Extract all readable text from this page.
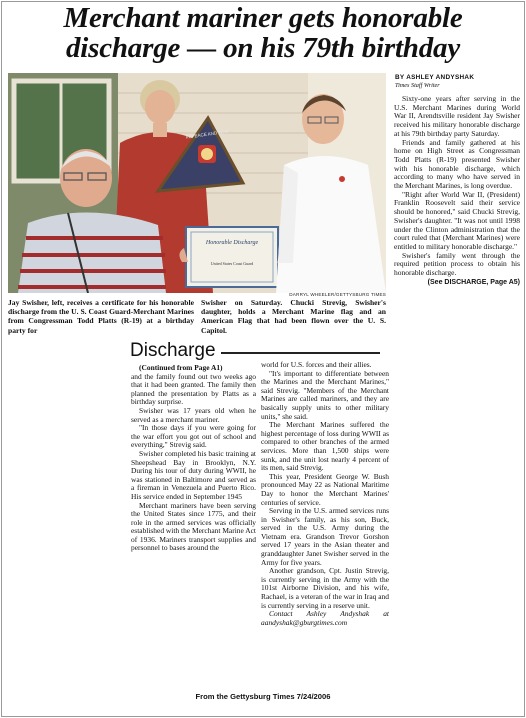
Merchant mariner gets honorable discharge — on his 79th birthday
IN PEACE AND WAR
Honorable Discharge
United States Coast Guard
DARRYL WHEELER/GETTYSBURG TIMES

Jay Swisher, left, receives a certificate for his honorable discharge from the U. S. Coast Guard-Merchant Marines from Congressman Todd Platts (R-19) at a birthday party for

Swisher on Saturday. Chucki Strevig, Swisher's daughter, holds a Merchant Marine flag and an American Flag that had been flown over the U. S. Capitol.

BY ASHLEY ANDYSHAK
Times Staff Writer

Sixty-one years after serving in the U.S. Merchant Marines during World War II, Arendtsville resident Jay Swisher received his military honorable discharge at his 79th birthday party Saturday.

Friends and family gathered at his home on High Street as Congressman Todd Platts (R-19) presented Swisher with his honorable discharge, which according to many who have served in the Merchant Marines, is long overdue.

"Right after World War II, (President) Franklin Roosevelt said their service should be honored," said Chucki Strevig, Swisher's daughter. "It was not until 1998 under the Clinton administration that the court ruled that (Merchant Marines) were entitled to military honorable discharge."

Swisher's family went through the required petition process to obtain his honorable discharge.

(See DISCHARGE, Page A5)

Discharge

(Continued from Page A1)

and the family found out two weeks ago that it had been granted. The family then planned the presentation by Platts as a birthday surprise.

Swisher was 17 years old when he served as a merchant mariner.

"In those days if you were going for the war effort you got out of school and everything," Strevig said.

Swisher completed his basic training at Sheepshead Bay in Brooklyn, N.Y. During his tour of duty during WWII, he was stationed in Baltimore and served as a fireman in Venezuela and Puerto Rico. His service ended in September 1945

Merchant mariners have been serving the United States since 1775, and their role in the armed services was officially established with the Merchant Marine Act of 1936. Mariners transport supplies and personnel to bases around the

world for U.S. forces and their allies.

"It's important to differentiate between the Marines and the Merchant Marines," said Strevig. "Members of the Merchant Marines are called mariners, and they are basically supply units to other military units," she said.

The Merchant Marines suffered the highest percentage of loss during WWII as compared to other branches of the armed services. More than 1,500 ships were sunk, and the unit lost nearly 4 percent of its men, said Strevig.

This year, President George W. Bush pronounced May 22 as National Maritime Day to honor the Merchant Marines' centuries of service.

Serving in the U.S. armed services runs in Swisher's family, as his son, Buck, served in the U.S. Army during the Vietnam era. Grandson Trevor Gorshon served 17 years in the Asian theater and granddaughter Janet Swisher served in the Army for five years.

Another grandson, Cpt. Justin Strevig, is currently serving in the Army with the 101st Airborne Division, and his wife, Rachael, is a veteran of the war in Iraq and is currently serving in a reserve unit.

Contact Ashley Andyshak at aandyshak@gburgtimes.com

From the Gettysburg Times 7/24/2006
